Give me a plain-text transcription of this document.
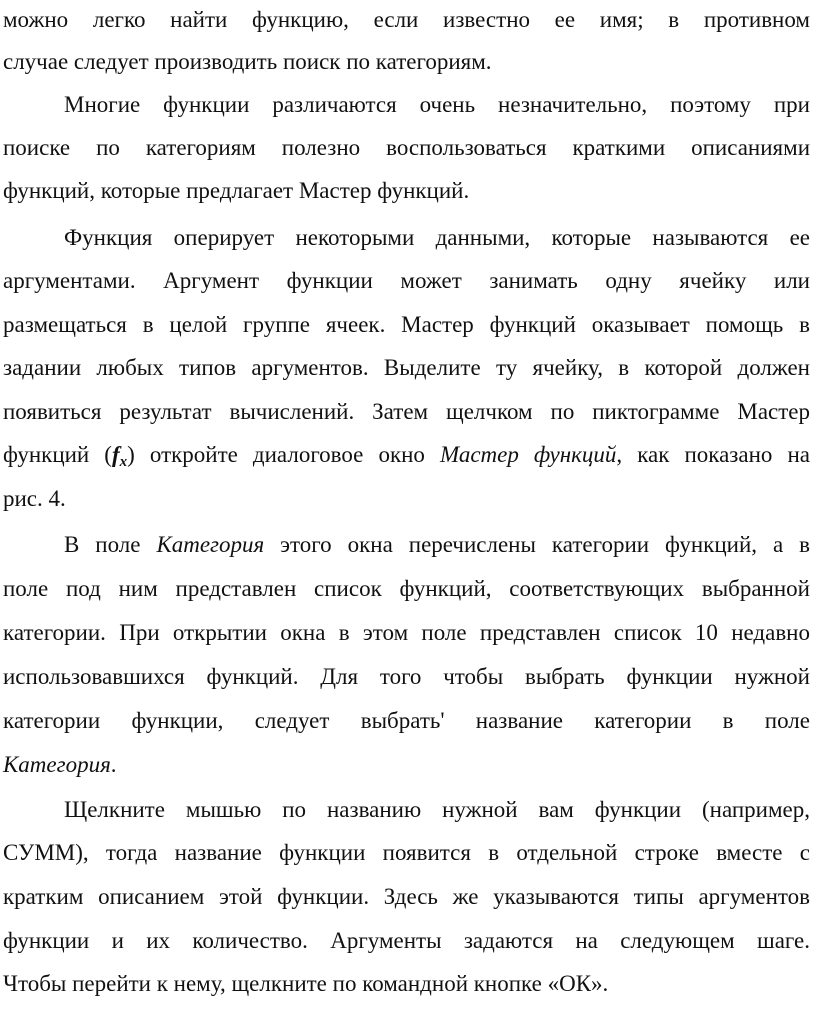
можно легко найти функцию, если известно ее имя; в противном
случае следует производить поиск по категориям.
Многие функции различаются очень незначительно, поэтому при
поиске по категориям полезно воспользоваться краткими описаниями
функций, которые предлагает Мастер функций.
Функция оперирует некоторыми данными, которые называются ее
аргументами. Аргумент функции может занимать одну ячейку или
размещаться в целой группе ячеек. Мастер функций оказывает помощь в
задании любых типов аргументов. Выделите ту ячейку, в которой должен
появиться результат вычислений. Затем щелчком по пиктограмме Мастер
функций $(f_x)$ откройте диалоговое окно Мастер функций, как показано на
рис. 4.
В поле Категория этого окна перечислены категории функций, а в
поле под ним представлен список функций, соответствующих выбранной
категории. При открытии окна в этом поле представлен список 10 недавно
использовавшихся функций. Для того чтобы выбрать функции нужной
категории функции, следует выбрать' название категории в поле
Категория.
Щелкните мышью по названию нужной вам функции (например,
СУММ), тогда название функции появится в отдельной строке вместе с
кратким описанием этой функции. Здесь же указываются типы аргументов
функции и их количество. Аргументы задаются на следующем шаге.
Чтобы перейти к нему, щелкните по командной кнопке «ОК».
